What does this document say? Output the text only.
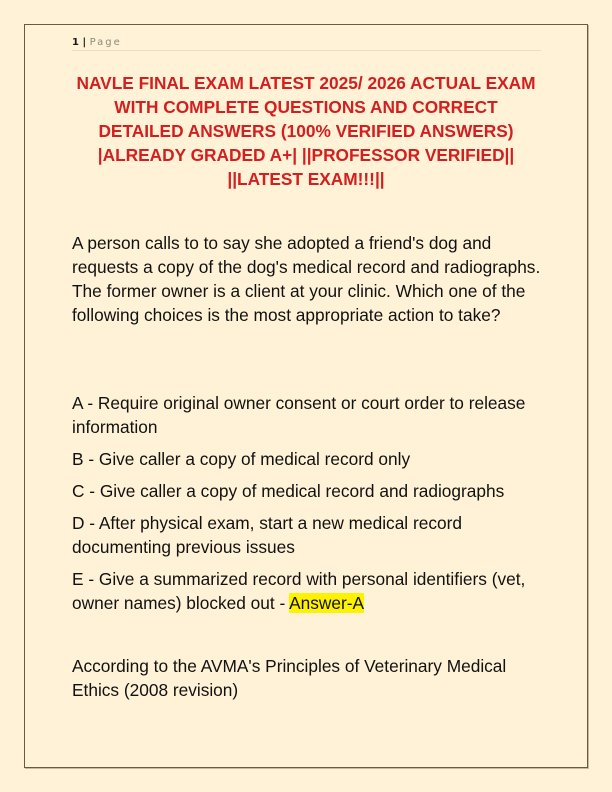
1 | Page
NAVLE FINAL EXAM LATEST 2025/ 2026 ACTUAL EXAM WITH COMPLETE QUESTIONS AND CORRECT DETAILED ANSWERS (100% VERIFIED ANSWERS) |ALREADY GRADED A+| ||PROFESSOR VERIFIED|| ||LATEST EXAM!!!||
A person calls to to say she adopted a friend's dog and requests a copy of the dog's medical record and radiographs. The former owner is a client at your clinic. Which one of the following choices is the most appropriate action to take?
A - Require original owner consent or court order to release information
B - Give caller a copy of medical record only
C - Give caller a copy of medical record and radiographs
D - After physical exam, start a new medical record documenting previous issues
E - Give a summarized record with personal identifiers (vet, owner names) blocked out - Answer-A
According to the AVMA's Principles of Veterinary Medical Ethics (2008 revision)
